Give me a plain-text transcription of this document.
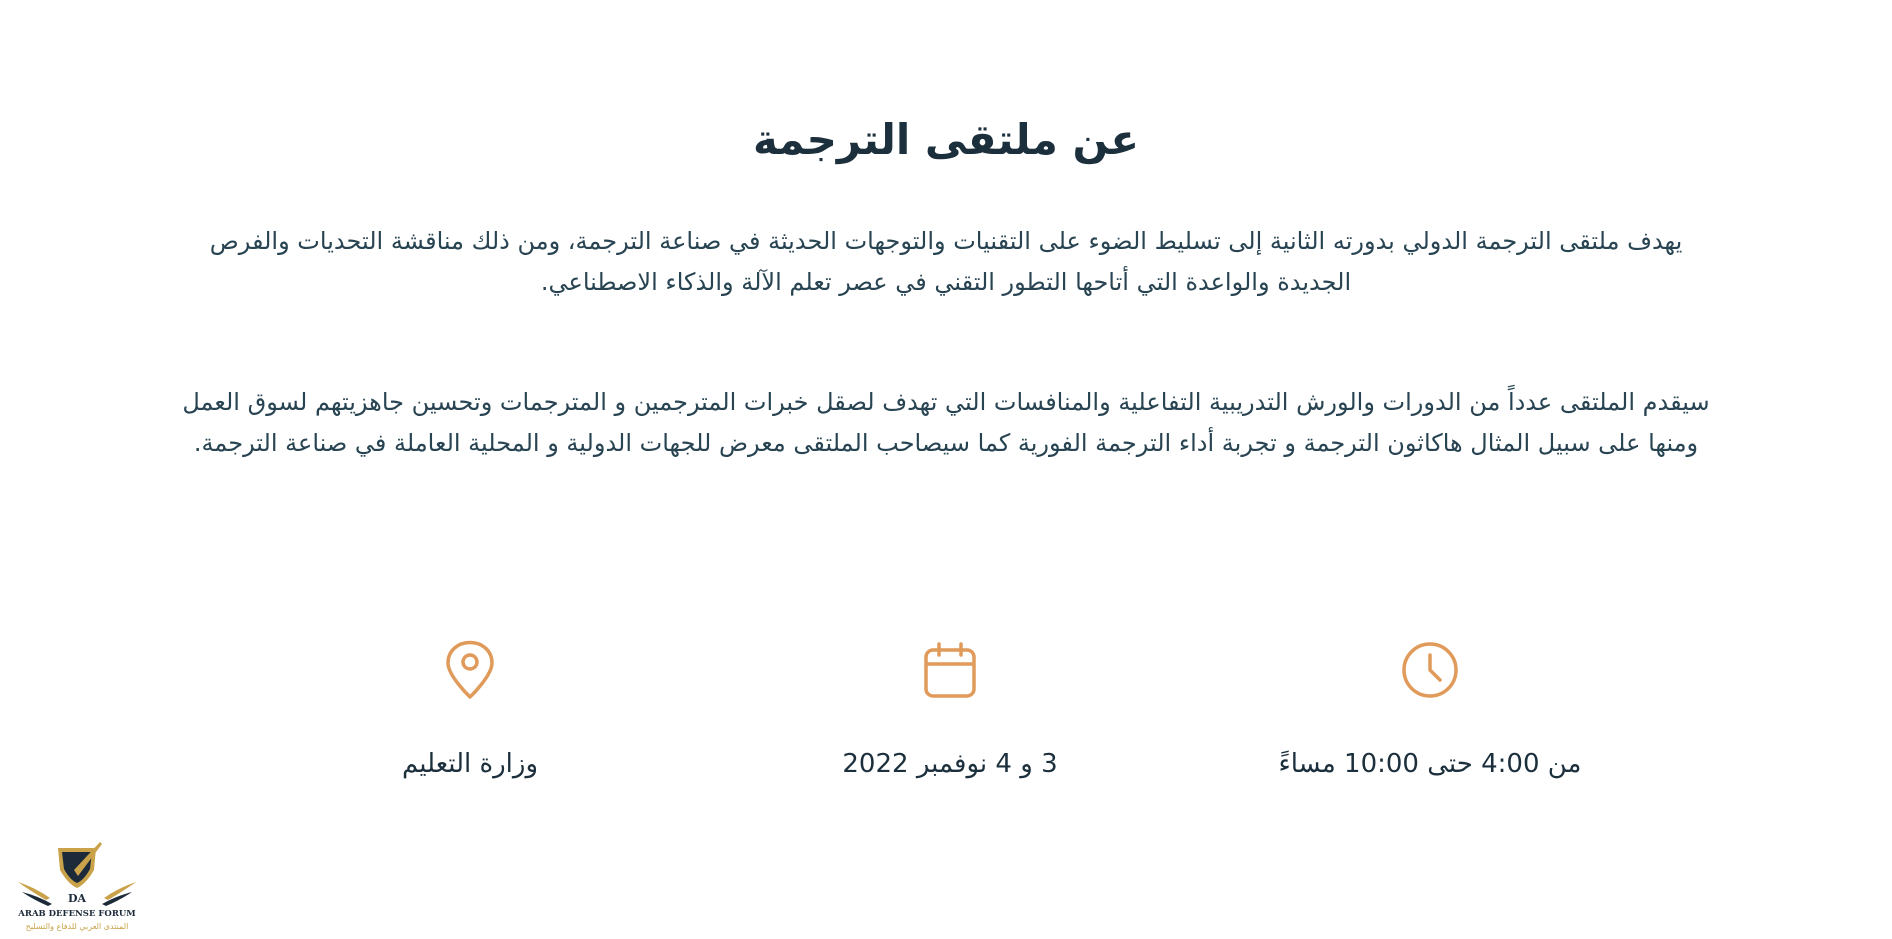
عن ملتقى الترجمة

يهدف ملتقى الترجمة الدولي بدورته الثانية إلى تسليط الضوء على التقنيات والتوجهات الحديثة في صناعة الترجمة، ومن ذلك مناقشة التحديات والفرص الجديدة والواعدة التي أتاحها التطور التقني في عصر تعلم الآلة والذكاء الاصطناعي.

سيقدم الملتقى عدداً من الدورات والورش التدريبية التفاعلية والمنافسات التي تهدف لصقل خبرات المترجمين و المترجمات وتحسين جاهزيتهم لسوق العمل ومنها على سبيل المثال هاكاثون الترجمة و تجربة أداء الترجمة الفورية كما سيصاحب الملتقى معرض للجهات الدولية و المحلية العاملة في صناعة الترجمة.

من 4:00 حتى 10:00 مساءً
3 و 4 نوفمبر 2022
وزارة التعليم
DA
ARAB DEFENSE FORUM
المنتدى العربي للدفاع والتسليح
